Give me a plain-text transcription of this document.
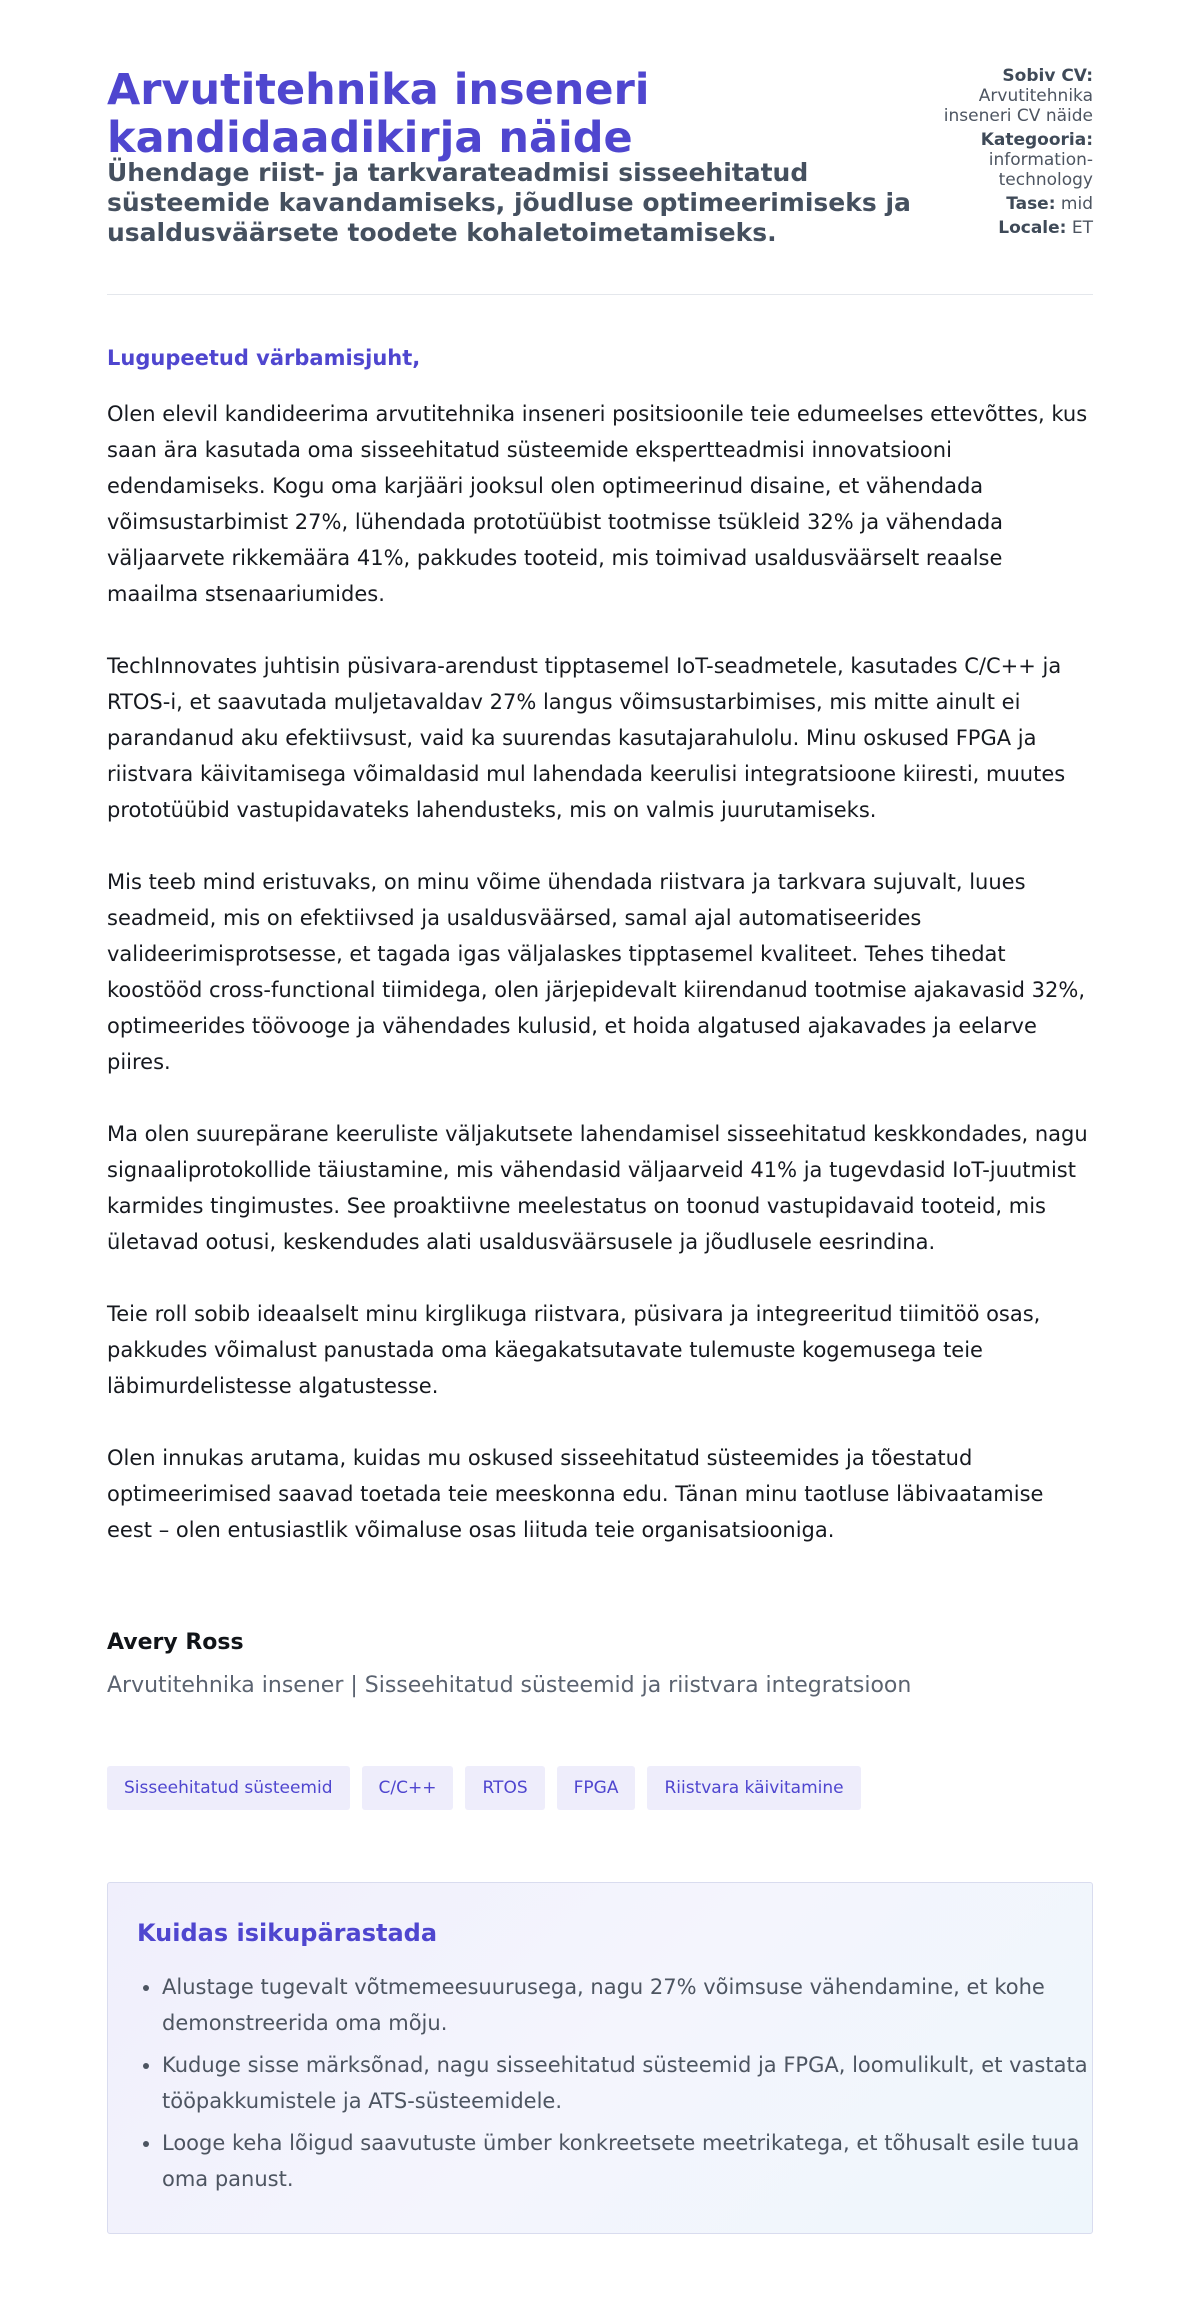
Arvutitehnika inseneri kandidaadikirja näide
Ühendage riist- ja tarkvarateadmisi sisseehitatud süsteemide kavandamiseks, jõudluse optimeerimiseks ja usaldusväärsete toodete kohaletoimetamiseks.
Sobiv CV:
Arvutitehnika inseneri CV näide
Kategooria:
information-technology
Tase: mid
Locale: ET
Lugupeetud värbamisjuht,

Olen elevil kandideerima arvutitehnika inseneri positsioonile teie edumeelses ettevõttes, kus saan ära kasutada oma sisseehitatud süsteemide ekspertteadmisi innovatsiooni edendamiseks. Kogu oma karjääri jooksul olen optimeerinud disaine, et vähendada võimsustarbimist 27%, lühendada prototüübist tootmisse tsükleid 32% ja vähendada väljaarvete rikkemäära 41%, pakkudes tooteid, mis toimivad usaldusväärselt reaalse maailma stsenaariumides.

TechInnovates juhtisin püsivara-arendust tipptasemel IoT-seadmetele, kasutades C/C++ ja RTOS-i, et saavutada muljetavaldav 27% langus võimsustarbimises, mis mitte ainult ei parandanud aku efektiivsust, vaid ka suurendas kasutajarahulolu. Minu oskused FPGA ja riistvara käivitamisega võimaldasid mul lahendada keerulisi integratsioone kiiresti, muutes prototüübid vastupidavateks lahendusteks, mis on valmis juurutamiseks.

Mis teeb mind eristuvaks, on minu võime ühendada riistvara ja tarkvara sujuvalt, luues seadmeid, mis on efektiivsed ja usaldusväärsed, samal ajal automatiseerides valideerimisprotsesse, et tagada igas väljalaskes tipptasemel kvaliteet. Tehes tihedat koostööd cross-functional tiimidega, olen järjepidevalt kiirendanud tootmise ajakavasid 32%, optimeerides töövooge ja vähendades kulusid, et hoida algatused ajakavades ja eelarve piires.

Ma olen suurepärane keeruliste väljakutsete lahendamisel sisseehitatud keskkondades, nagu signaaliprotokollide täiustamine, mis vähendasid väljaarveid 41% ja tugevdasid IoT-juutmist karmides tingimustes. See proaktiivne meelestatus on toonud vastupidavaid tooteid, mis ületavad ootusi, keskendudes alati usaldusväärsusele ja jõudlusele eesrindina.

Teie roll sobib ideaalselt minu kirglikuga riistvara, püsivara ja integreeritud tiimitöö osas, pakkudes võimalust panustada oma käegakatsutavate tulemuste kogemusega teie läbimurdelistesse algatustesse.

Olen innukas arutama, kuidas mu oskused sisseehitatud süsteemides ja tõestatud optimeerimised saavad toetada teie meeskonna edu. Tänan minu taotluse läbivaatamise eest – olen entusiastlik võimaluse osas liituda teie organisatsiooniga.

Avery Ross
Arvutitehnika insener | Sisseehitatud süsteemid ja riistvara integratsioon
Sisseehitatud süsteemid	C/C++	RTOS	FPGA	Riistvara käivitamine
Kuidas isikupärastada
• Alustage tugevalt võtmemeesuurusega, nagu 27% võimsuse vähendamine, et kohe demonstreerida oma mõju.
• Kuduge sisse märksõnad, nagu sisseehitatud süsteemid ja FPGA, loomulikult, et vastata tööpakkumistele ja ATS-süsteemidele.
• Looge keha lõigud saavutuste ümber konkreetsete meetrikatega, et tõhusalt esile tuua oma panust.
